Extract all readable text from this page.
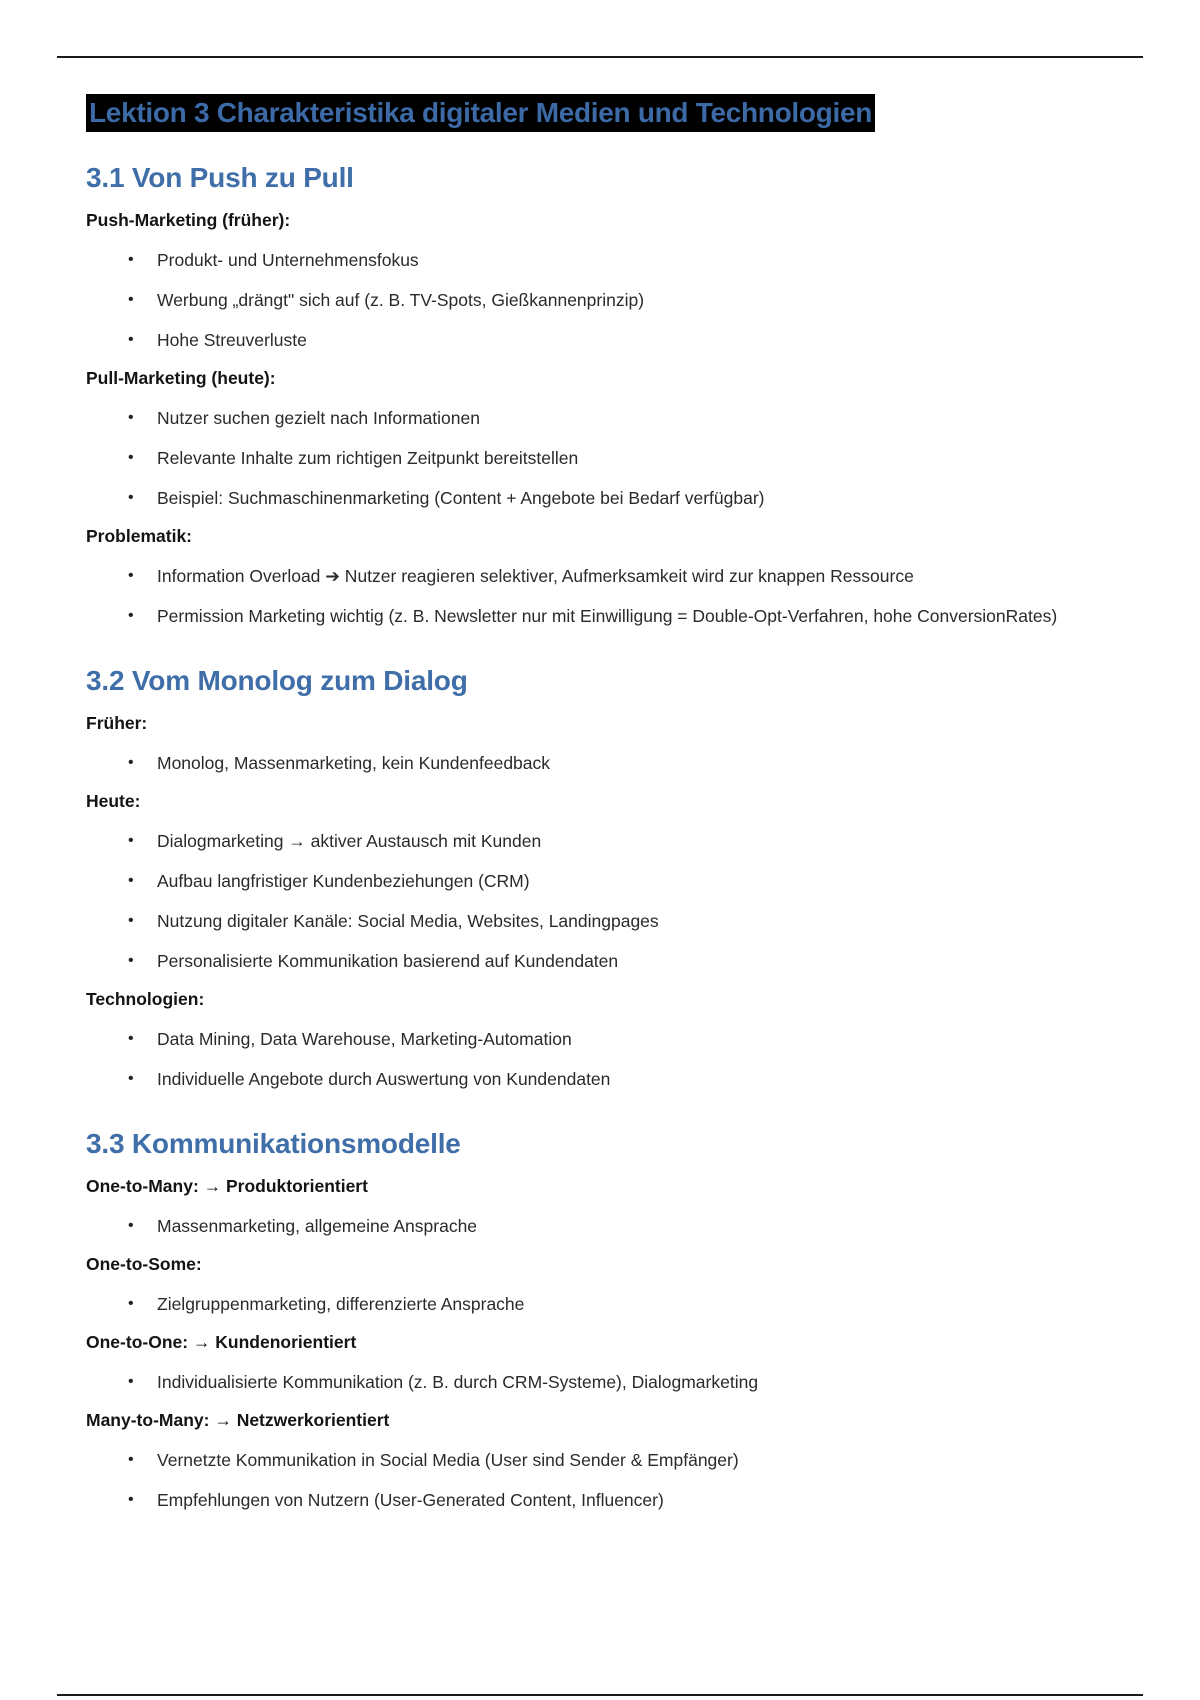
Lektion 3 Charakteristika digitaler Medien und Technologien
3.1 Von Push zu Pull
Push-Marketing (früher):
• Produkt- und Unternehmensfokus
• Werbung „drängt" sich auf (z. B. TV-Spots, Gießkannenprinzip)
• Hohe Streuverluste
Pull-Marketing (heute):
• Nutzer suchen gezielt nach Informationen
• Relevante Inhalte zum richtigen Zeitpunkt bereitstellen
• Beispiel: Suchmaschinenmarketing (Content + Angebote bei Bedarf verfügbar)
Problematik:
• Information Overload ➔ Nutzer reagieren selektiver, Aufmerksamkeit wird zur knappen Ressource
• Permission Marketing wichtig (z. B. Newsletter nur mit Einwilligung = Double-Opt-Verfahren, hohe ConversionRates)
3.2 Vom Monolog zum Dialog
Früher:
• Monolog, Massenmarketing, kein Kundenfeedback
Heute:
• Dialogmarketing → aktiver Austausch mit Kunden
• Aufbau langfristiger Kundenbeziehungen (CRM)
• Nutzung digitaler Kanäle: Social Media, Websites, Landingpages
• Personalisierte Kommunikation basierend auf Kundendaten
Technologien:
• Data Mining, Data Warehouse, Marketing-Automation
• Individuelle Angebote durch Auswertung von Kundendaten
3.3 Kommunikationsmodelle
One-to-Many: → Produktorientiert
• Massenmarketing, allgemeine Ansprache
One-to-Some:
• Zielgruppenmarketing, differenzierte Ansprache
One-to-One: → Kundenorientiert
• Individualisierte Kommunikation (z. B. durch CRM-Systeme), Dialogmarketing
Many-to-Many: → Netzwerkorientiert
• Vernetzte Kommunikation in Social Media (User sind Sender & Empfänger)
• Empfehlungen von Nutzern (User-Generated Content, Influencer)
